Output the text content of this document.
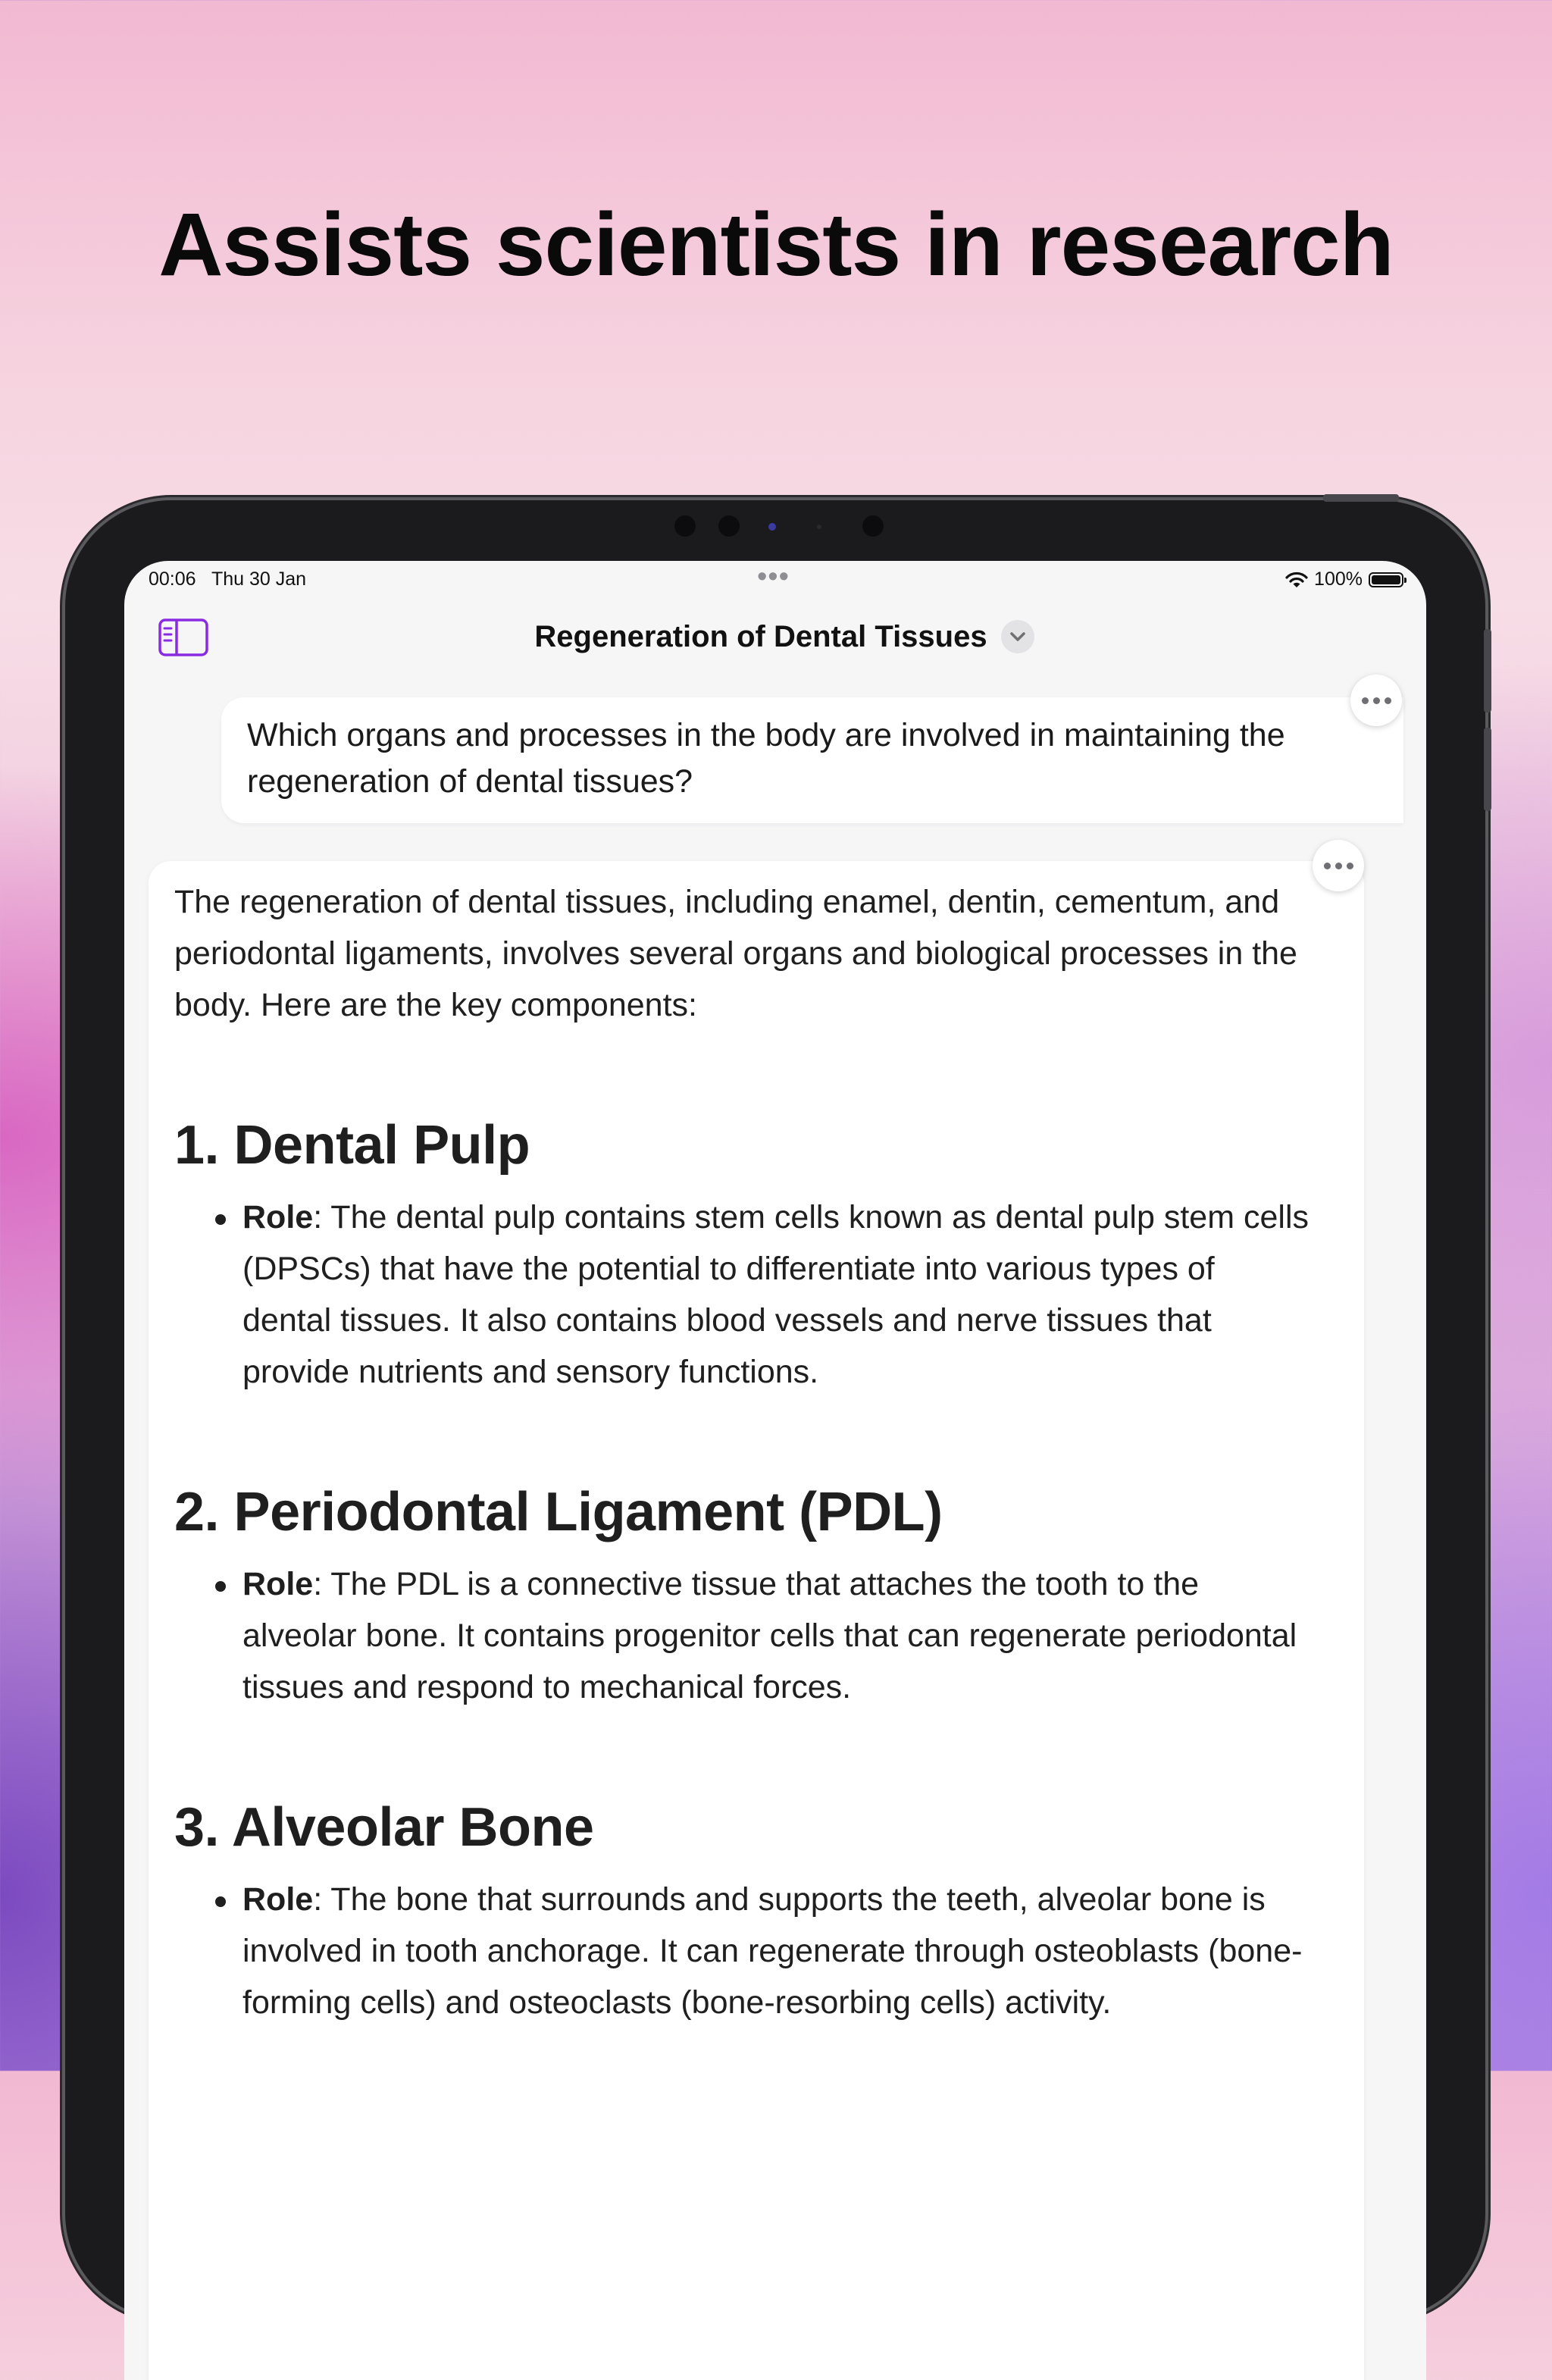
Assists scientists in research
00:06 Thu 30 Jan	•••	100%
Regeneration of Dental Tissues
Which organs and processes in the body are involved in maintaining the regeneration of dental tissues?

The regeneration of dental tissues, including enamel, dentin, cementum, and periodontal ligaments, involves several organs and biological processes in the body. Here are the key components:

1. Dental Pulp

Role: The dental pulp contains stem cells known as dental pulp stem cells (DPSCs) that have the potential to differentiate into various types of dental tissues. It also contains blood vessels and nerve tissues that provide nutrients and sensory functions.

2. Periodontal Ligament (PDL)

Role: The PDL is a connective tissue that attaches the tooth to the alveolar bone. It contains progenitor cells that can regenerate periodontal tissues and respond to mechanical forces.

3. Alveolar Bone

Role: The bone that surrounds and supports the teeth, alveolar bone is involved in tooth anchorage. It can regenerate through osteoblasts (bone-forming cells) and osteoclasts (bone-resorbing cells) activity.
